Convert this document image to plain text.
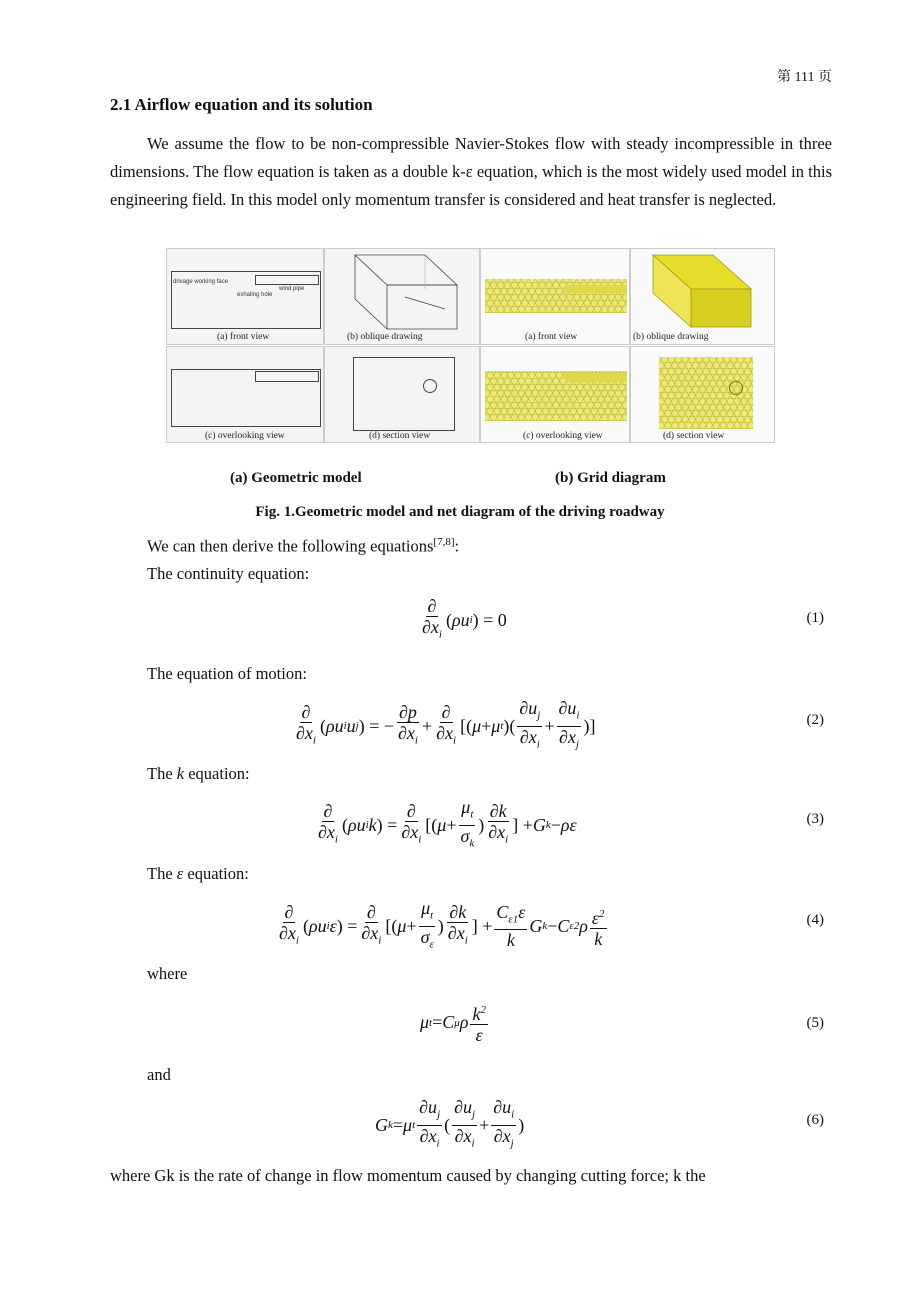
第 111 页
2.1 Airflow equation and its solution
We assume the flow to be non-compressible Navier-Stokes flow with steady incompressible in three dimensions. The flow equation is taken as a double k-ε equation, which is the most widely used model in this engineering field. In this model only momentum transfer is considered and heat transfer is neglected.
drivage working face
wind pipe
exhaling hole
(a) front view	(b) oblique drawing
(c) overlooking view	(d) section view
(a) front view	(b) oblique drawing
(c) overlooking view	(d) section view
(a) Geometric model	(b) Grid diagram
Fig. 1.Geometric model and net diagram of the driving roadway
We can then derive the following equations[7,8]:
The continuity equation:
$\frac{\partial}{\partial x_i}$ ( ρu i ) = 0	(1)
The equation of motion:
$\frac{\partial}{\partial x_i}$ ( ρu i u j ) = − $\frac{\partial p}{\partial x_i} + \frac{\partial}{\partial x_i}$ [( μ + μ t )( $\frac{\partial u_j}{\partial x_i} + \frac{\partial u_i}{\partial x_j}$ )]	(2)
The k equation:
$\frac{\partial}{\partial x_i}$ ( ρu i k ) = $\frac{\partial}{\partial x_i}$ [( $\mu + \frac{\mu_t}{\sigma_k}$ ) $\frac{\partial k}{\partial x_i}$ ] + G k − ρε	(3)
The ε equation:
$\frac{\partial}{\partial x_i}$ ( ρu i ε ) = $\frac{\partial}{\partial x_i}$ [( $\mu + \frac{\mu_t}{\sigma_\varepsilon}$ ) $\frac{\partial k}{\partial x_i}$ ] + $\frac{C_{\varepsilon 1}\varepsilon}{k}$ G k − C ε2 ρ $\frac{\varepsilon^2}{k}$	(4)
where
μ t = C μ ρ $\frac{k^2}{\varepsilon}$	(5)
and
G k = μ t $\frac{\partial u_j}{\partial x_i}$ ( $\frac{\partial u_j}{\partial x_i} + \frac{\partial u_i}{\partial x_j}$ )	(6)
where Gk is the rate of change in flow momentum caused by changing cutting force; k the
